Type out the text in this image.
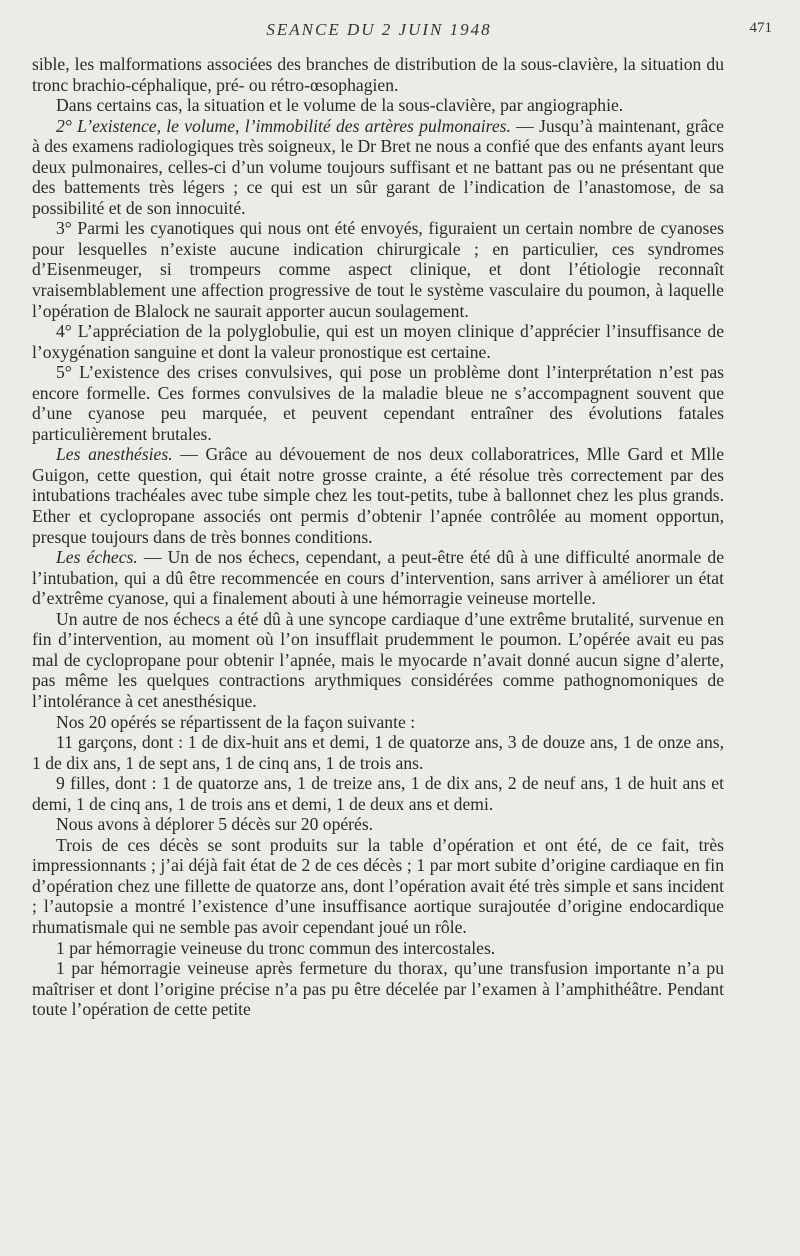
SEANCE DU 2 JUIN 1948	471

sible, les malformations associées des branches de distribution de la sous-clavière, la situation du tronc brachio-céphalique, pré- ou rétro-œsophagien.

Dans certains cas, la situation et le volume de la sous-clavière, par angiographie.

2° L’existence, le volume, l’immobilité des artères pulmonaires. — Jusqu’à maintenant, grâce à des examens radiologiques très soigneux, le Dr Bret ne nous a confié que des enfants ayant leurs deux pulmonaires, celles-ci d’un volume toujours suffisant et ne battant pas ou ne présentant que des battements très légers ; ce qui est un sûr garant de l’indication de l’anastomose, de sa possibilité et de son innocuité.

3° Parmi les cyanotiques qui nous ont été envoyés, figuraient un certain nombre de cyanoses pour lesquelles n’existe aucune indication chirurgicale ; en particulier, ces syndromes d’Eisenmeuger, si trompeurs comme aspect clinique, et dont l’étiologie reconnaît vraisemblablement une affection progressive de tout le système vasculaire du poumon, à laquelle l’opération de Blalock ne saurait apporter aucun soulagement.

4° L’appréciation de la polyglobulie, qui est un moyen clinique d’apprécier l’insuffisance de l’oxygénation sanguine et dont la valeur pronostique est certaine.

5° L’existence des crises convulsives, qui pose un problème dont l’interprétation n’est pas encore formelle. Ces formes convulsives de la maladie bleue ne s’accompagnent souvent que d’une cyanose peu marquée, et peuvent cependant entraîner des évolutions fatales particulièrement brutales.

Les anesthésies. — Grâce au dévouement de nos deux collaboratrices, Mlle Gard et Mlle Guigon, cette question, qui était notre grosse crainte, a été résolue très correctement par des intubations trachéales avec tube simple chez les tout-petits, tube à ballonnet chez les plus grands. Ether et cyclopropane associés ont permis d’obtenir l’apnée contrôlée au moment opportun, presque toujours dans de très bonnes conditions.

Les échecs. — Un de nos échecs, cependant, a peut-être été dû à une difficulté anormale de l’intubation, qui a dû être recommencée en cours d’intervention, sans arriver à améliorer un état d’extrême cyanose, qui a finalement abouti à une hémorragie veineuse mortelle.

Un autre de nos échecs a été dû à une syncope cardiaque d’une extrême brutalité, survenue en fin d’intervention, au moment où l’on insufflait prudemment le poumon. L’opérée avait eu pas mal de cyclopropane pour obtenir l’apnée, mais le myocarde n’avait donné aucun signe d’alerte, pas même les quelques contractions arythmiques considérées comme pathognomoniques de l’intolérance à cet anesthésique.

Nos 20 opérés se répartissent de la façon suivante :

11 garçons, dont : 1 de dix-huit ans et demi, 1 de quatorze ans, 3 de douze ans, 1 de onze ans, 1 de dix ans, 1 de sept ans, 1 de cinq ans, 1 de trois ans.

9 filles, dont : 1 de quatorze ans, 1 de treize ans, 1 de dix ans, 2 de neuf ans, 1 de huit ans et demi, 1 de cinq ans, 1 de trois ans et demi, 1 de deux ans et demi.

Nous avons à déplorer 5 décès sur 20 opérés.

Trois de ces décès se sont produits sur la table d’opération et ont été, de ce fait, très impressionnants ; j’ai déjà fait état de 2 de ces décès ; 1 par mort subite d’origine cardiaque en fin d’opération chez une fillette de quatorze ans, dont l’opération avait été très simple et sans incident ; l’autopsie a montré l’existence d’une insuffisance aortique surajoutée d’origine endocardique rhumatismale qui ne semble pas avoir cependant joué un rôle.

1 par hémorragie veineuse du tronc commun des intercostales.

1 par hémorragie veineuse après fermeture du thorax, qu’une transfusion importante n’a pu maîtriser et dont l’origine précise n’a pas pu être décelée par l’examen à l’amphithéâtre. Pendant toute l’opération de cette petite
